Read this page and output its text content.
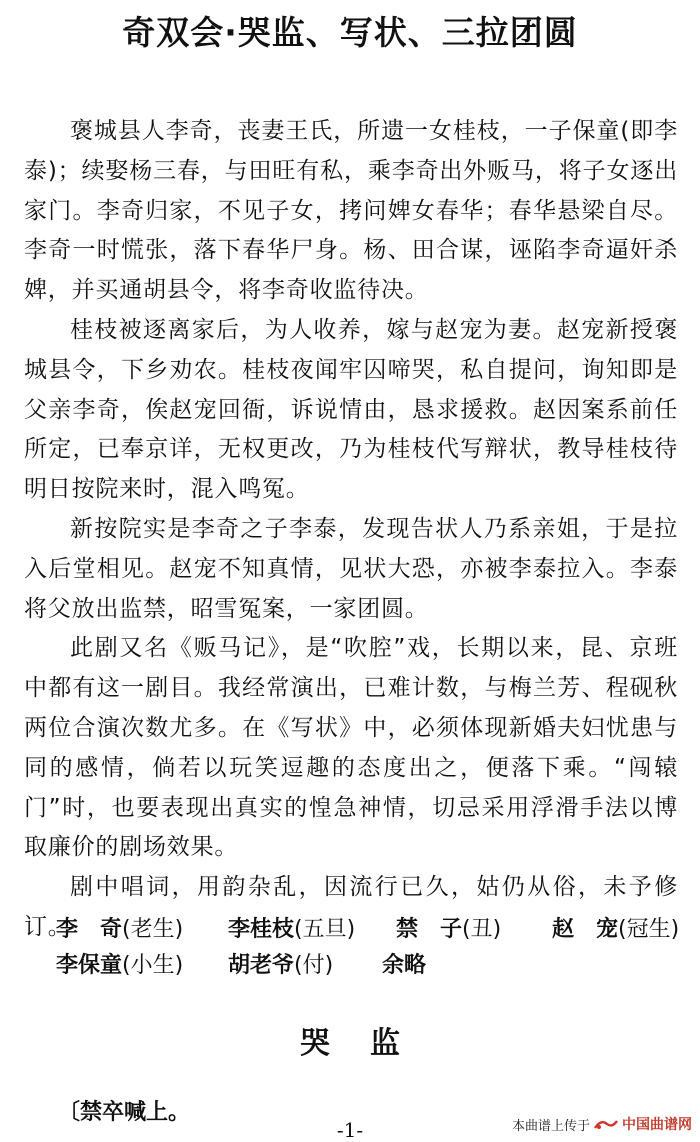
奇双会·哭监、写状、三拉团圆

褒城县人李奇，丧妻王氏，所遗一女桂枝，一子保童(即李泰)；续娶杨三春，与田旺有私，乘李奇出外贩马，将子女逐出家门。李奇归家，不见子女，拷问婢女春华；春华悬梁自尽。李奇一时慌张，落下春华尸身。杨、田合谋，诬陷李奇逼奸杀婢，并买通胡县令，将李奇收监待决。

桂枝被逐离家后，为人收养，嫁与赵宠为妻。赵宠新授褒城县令，下乡劝农。桂枝夜闻牢囚啼哭，私自提问，询知即是父亲李奇，俟赵宠回衙，诉说情由，恳求援救。赵因案系前任所定，已奉京详，无权更改，乃为桂枝代写辩状，教导桂枝待明日按院来时，混入鸣冤。

新按院实是李奇之子李泰，发现告状人乃系亲姐，于是拉入后堂相见。赵宠不知真情，见状大恐，亦被李泰拉入。李泰将父放出监禁，昭雪冤案，一家团圆。

此剧又名《贩马记》，是“吹腔”戏，长期以来，昆、京班中都有这一剧目。我经常演出，已难计数，与梅兰芳、程砚秋两位合演次数尤多。在《写状》中，必须体现新婚夫妇忧患与同的感情，倘若以玩笑逗趣的态度出之，便落下乘。“闯辕门”时，也要表现出真实的惶急神情，切忌采用浮滑手法以博取廉价的剧场效果。

剧中唱词，用韵杂乱，因流行已久，姑仍从俗，未予修订。

李　奇(老生) 李桂枝(五旦) 禁　子(丑) 赵　宠(冠生)
李保童(小生) 胡老爷(付) 余略
哭监
〔禁卒喊上。
-1-	本曲谱上传于 中国曲谱网
